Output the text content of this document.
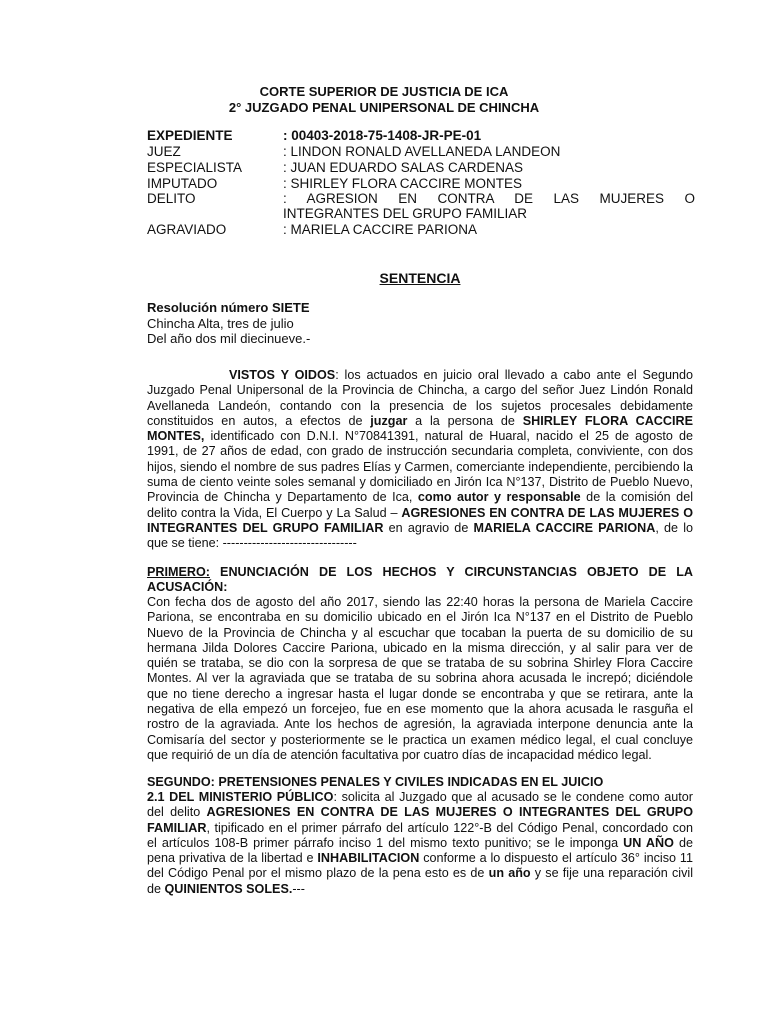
CORTE SUPERIOR DE JUSTICIA DE ICA
2° JUZGADO PENAL UNIPERSONAL DE CHINCHA
EXPEDIENTE	: 00403-2018-75-1408-JR-PE-01
JUEZ	: LINDON RONALD AVELLANEDA LANDEON
ESPECIALISTA	: JUAN EDUARDO SALAS CARDENAS
IMPUTADO	: SHIRLEY FLORA CACCIRE MONTES
DELITO	: AGRESION EN CONTRA DE LAS MUJERES O
INTEGRANTES DEL GRUPO FAMILIAR
AGRAVIADO	: MARIELA CACCIRE PARIONA
SENTENCIA
Resolución número SIETE
Chincha Alta, tres de julio
Del año dos mil diecinueve.-
VISTOS Y OIDOS: los actuados en juicio oral llevado a cabo ante el Segundo Juzgado Penal Unipersonal de la Provincia de Chincha, a cargo del señor Juez Lindón Ronald Avellaneda Landeón, contando con la presencia de los sujetos procesales debidamente constituidos en autos, a efectos de juzgar a la persona de SHIRLEY FLORA CACCIRE MONTES, identificado con D.N.I. N°70841391, natural de Huaral, nacido el 25 de agosto de 1991, de 27 años de edad, con grado de instrucción secundaria completa, conviviente, con dos hijos, siendo el nombre de sus padres Elías y Carmen, comerciante independiente, percibiendo la suma de ciento veinte soles semanal y domiciliado en Jirón Ica N°137, Distrito de Pueblo Nuevo, Provincia de Chincha y Departamento de Ica, como autor y responsable de la comisión del delito contra la Vida, El Cuerpo y La Salud – AGRESIONES EN CONTRA DE LAS MUJERES O INTEGRANTES DEL GRUPO FAMILIAR en agravio de MARIELA CACCIRE PARIONA, de lo que se tiene: --------------------------------
PRIMERO: ENUNCIACIÓN DE LOS HECHOS Y CIRCUNSTANCIAS OBJETO DE LA ACUSACIÓN:
Con fecha dos de agosto del año 2017, siendo las 22:40 horas la persona de Mariela Caccire Pariona, se encontraba en su domicilio ubicado en el Jirón Ica N°137 en el Distrito de Pueblo Nuevo de la Provincia de Chincha y al escuchar que tocaban la puerta de su domicilio de su hermana Jilda Dolores Caccire Pariona, ubicado en la misma dirección, y al salir para ver de quién se trataba, se dio con la sorpresa de que se trataba de su sobrina Shirley Flora Caccire Montes. Al ver la agraviada que se trataba de su sobrina ahora acusada le increpó; diciéndole que no tiene derecho a ingresar hasta el lugar donde se encontraba y que se retirara, ante la negativa de ella empezó un forcejeo, fue en ese momento que la ahora acusada le rasguña el rostro de la agraviada. Ante los hechos de agresión, la agraviada interpone denuncia ante la Comisaría del sector y posteriormente se le practica un examen médico legal, el cual concluye que requirió de un día de atención facultativa por cuatro días de incapacidad médico legal.
SEGUNDO: PRETENSIONES PENALES Y CIVILES INDICADAS EN EL JUICIO
2.1 DEL MINISTERIO PÚBLICO: solicita al Juzgado que al acusado se le condene como autor del delito AGRESIONES EN CONTRA DE LAS MUJERES O INTEGRANTES DEL GRUPO FAMILIAR, tipificado en el primer párrafo del artículo 122°-B del Código Penal, concordado con el artículos 108-B primer párrafo inciso 1 del mismo texto punitivo; se le imponga UN AÑO de pena privativa de la libertad e INHABILITACION conforme a lo dispuesto el artículo 36° inciso 11 del Código Penal por el mismo plazo de la pena esto es de un año y se fije una reparación civil de QUINIENTOS SOLES.---
